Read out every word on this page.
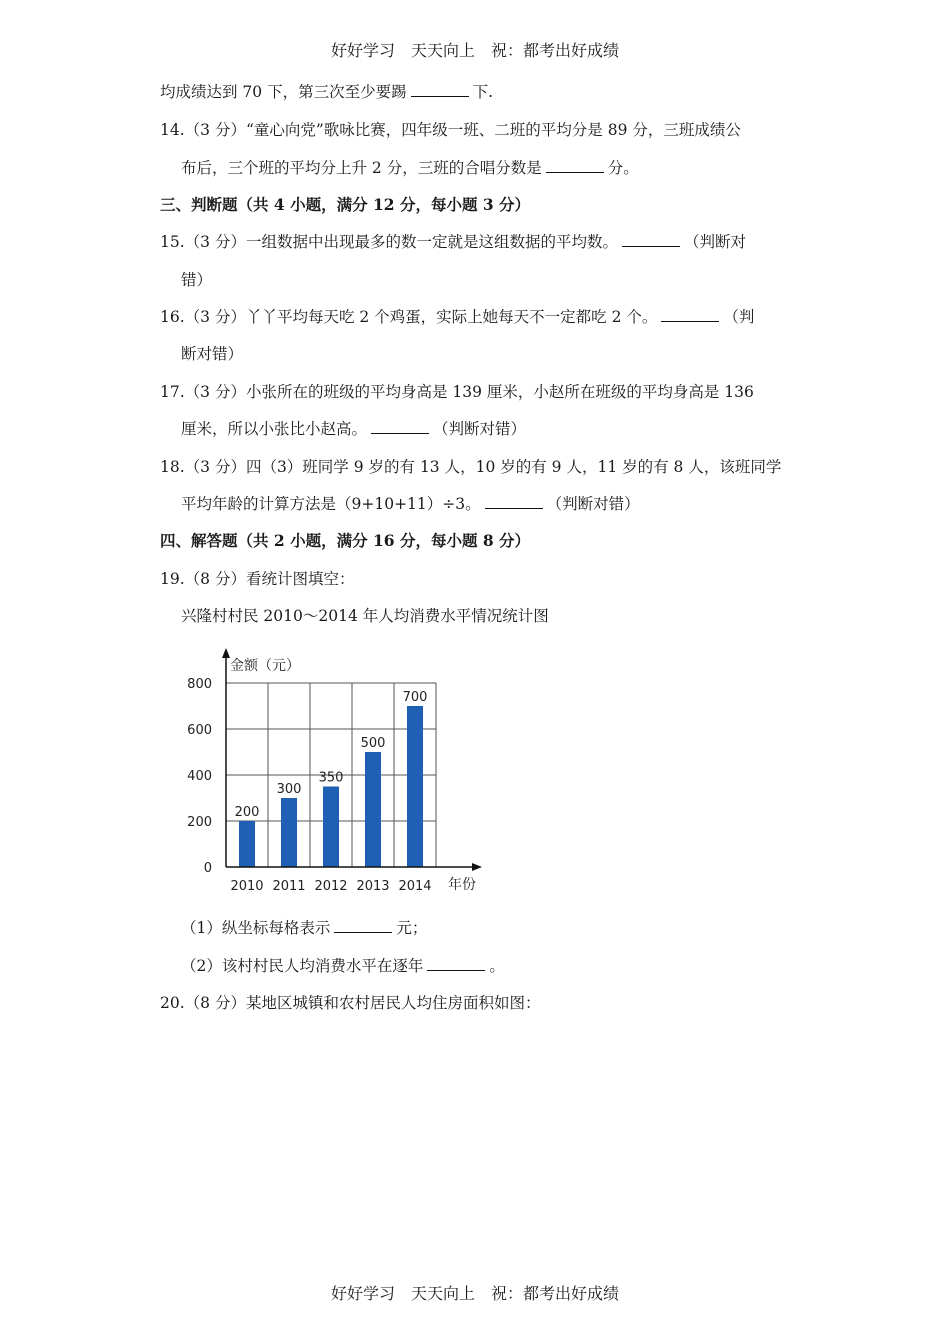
好好学习　天天向上　祝：都考出好成绩
均成绩达到 70 下，第三次至少要踢	下.
14.（3 分）“童心向党”歌咏比赛，四年级一班、二班的平均分是 89 分，三班成绩公
布后，三个班的平均分上升 2 分，三班的合唱分数是	分。
三、判断题（共 4 小题，满分 12 分，每小题 3 分）
15.（3 分）一组数据中出现最多的数一定就是这组数据的平均数。	（判断对
错）
16.（3 分）丫丫平均每天吃 2 个鸡蛋，实际上她每天不一定都吃 2 个。	（判
断对错）
17.（3 分）小张所在的班级的平均身高是 139 厘米，小赵所在班级的平均身高是 136
厘米，所以小张比小赵高。	（判断对错）
18.（3 分）四（3）班同学 9 岁的有 13 人，10 岁的有 9 人，11 岁的有 8 人，该班同学
平均年龄的计算方法是（9+10+11）÷3。	（判断对错）
四、解答题（共 2 小题，满分 16 分，每小题 8 分）
19.（8 分）看统计图填空：
兴隆村村民 2010～2014 年人均消费水平情况统计图
200
2010
300
2011
350
2012
500
2013
700
2014
0
200
400
600
800
金额（元）
年份
（1）纵坐标每格表示	元；
（2）该村村民人均消费水平在逐年	。
20.（8 分）某地区城镇和农村居民人均住房面积如图：
好好学习　天天向上　祝：都考出好成绩
